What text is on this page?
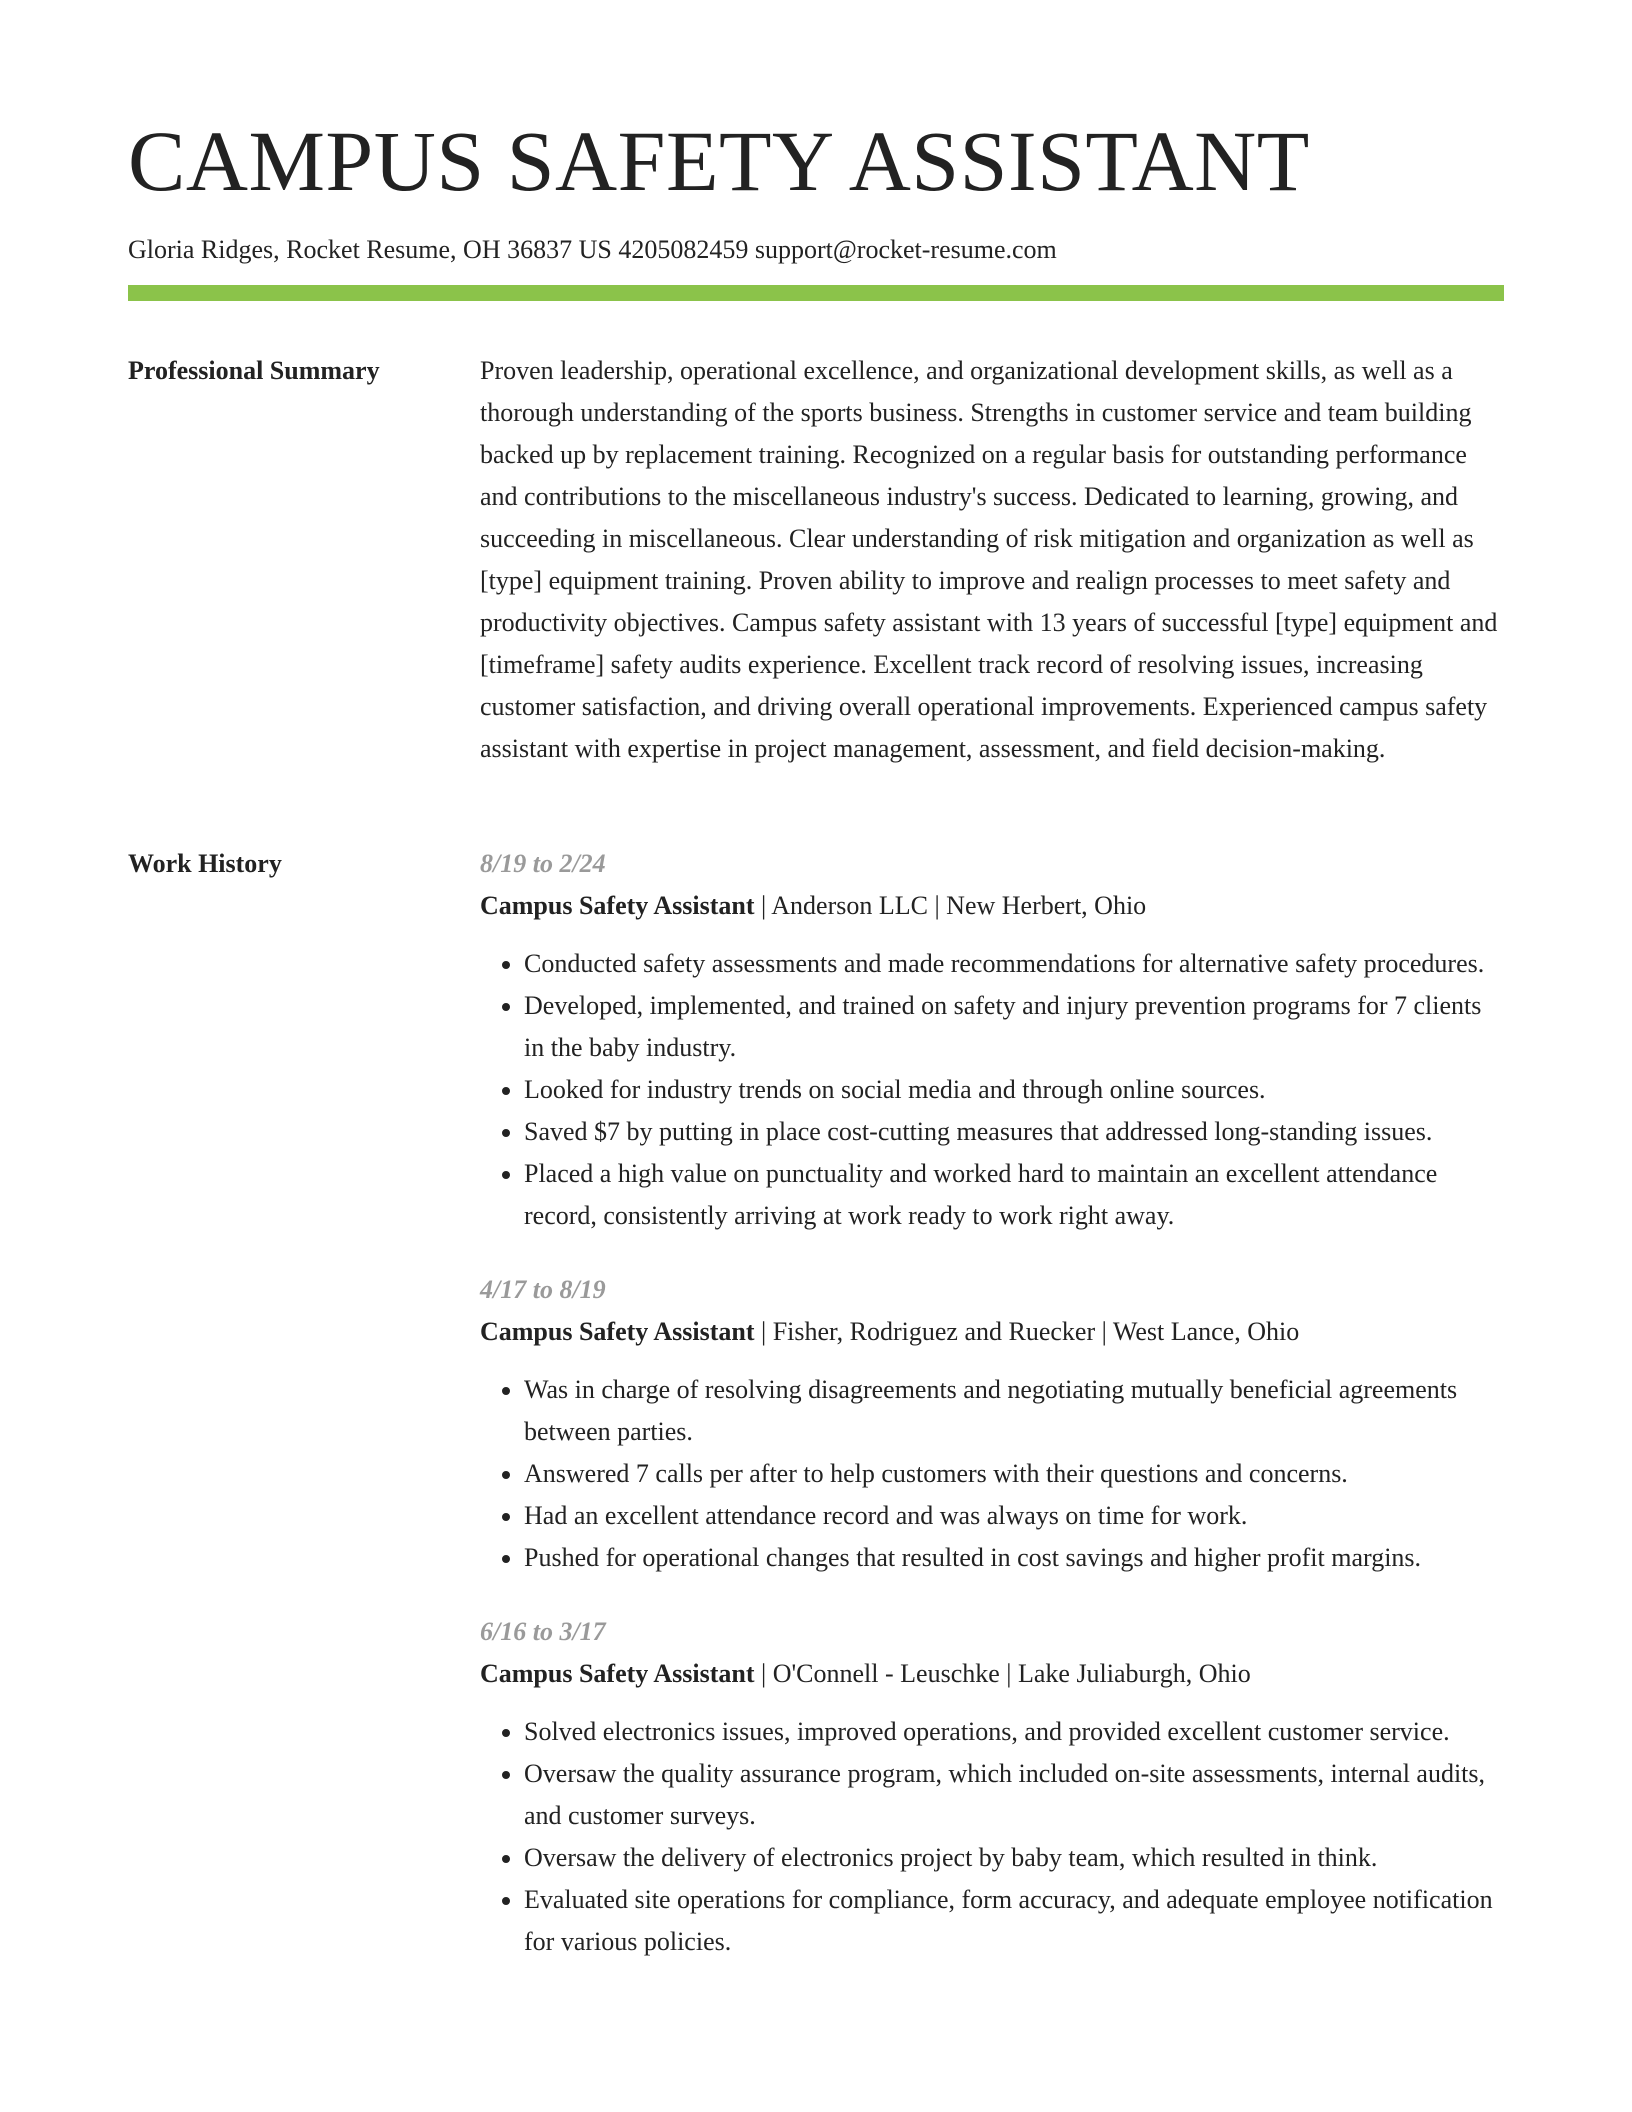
CAMPUS SAFETY ASSISTANT
Gloria Ridges, Rocket Resume, OH 36837 US 4205082459 support@rocket-resume.com
Professional Summary	Proven leadership, operational excellence, and organizational development skills, as well as a thorough understanding of the sports business. Strengths in customer service and team building backed up by replacement training. Recognized on a regular basis for outstanding performance and contributions to the miscellaneous industry's success. Dedicated to learning, growing, and succeeding in miscellaneous. Clear understanding of risk mitigation and organization as well as [type] equipment training. Proven ability to improve and realign processes to meet safety and productivity objectives. Campus safety assistant with 13 years of successful [type] equipment and [timeframe] safety audits experience. Excellent track record of resolving issues, increasing customer satisfaction, and driving overall operational improvements. Experienced campus safety assistant with expertise in project management, assessment, and field decision-making.

Work History	8/19 to 2/24
Campus Safety Assistant | Anderson LLC | New Herbert, Ohio
• Conducted safety assessments and made recommendations for alternative safety procedures.
• Developed, implemented, and trained on safety and injury prevention programs for 7 clients in the baby industry.
• Looked for industry trends on social media and through online sources.
• Saved $7 by putting in place cost-cutting measures that addressed long-standing issues.
• Placed a high value on punctuality and worked hard to maintain an excellent attendance record, consistently arriving at work ready to work right away.
4/17 to 8/19
Campus Safety Assistant | Fisher, Rodriguez and Ruecker | West Lance, Ohio
• Was in charge of resolving disagreements and negotiating mutually beneficial agreements between parties.
• Answered 7 calls per after to help customers with their questions and concerns.
• Had an excellent attendance record and was always on time for work.
• Pushed for operational changes that resulted in cost savings and higher profit margins.
6/16 to 3/17
Campus Safety Assistant | O'Connell - Leuschke | Lake Juliaburgh, Ohio
• Solved electronics issues, improved operations, and provided excellent customer service.
• Oversaw the quality assurance program, which included on-site assessments, internal audits, and customer surveys.
• Oversaw the delivery of electronics project by baby team, which resulted in think.
• Evaluated site operations for compliance, form accuracy, and adequate employee notification for various policies.
